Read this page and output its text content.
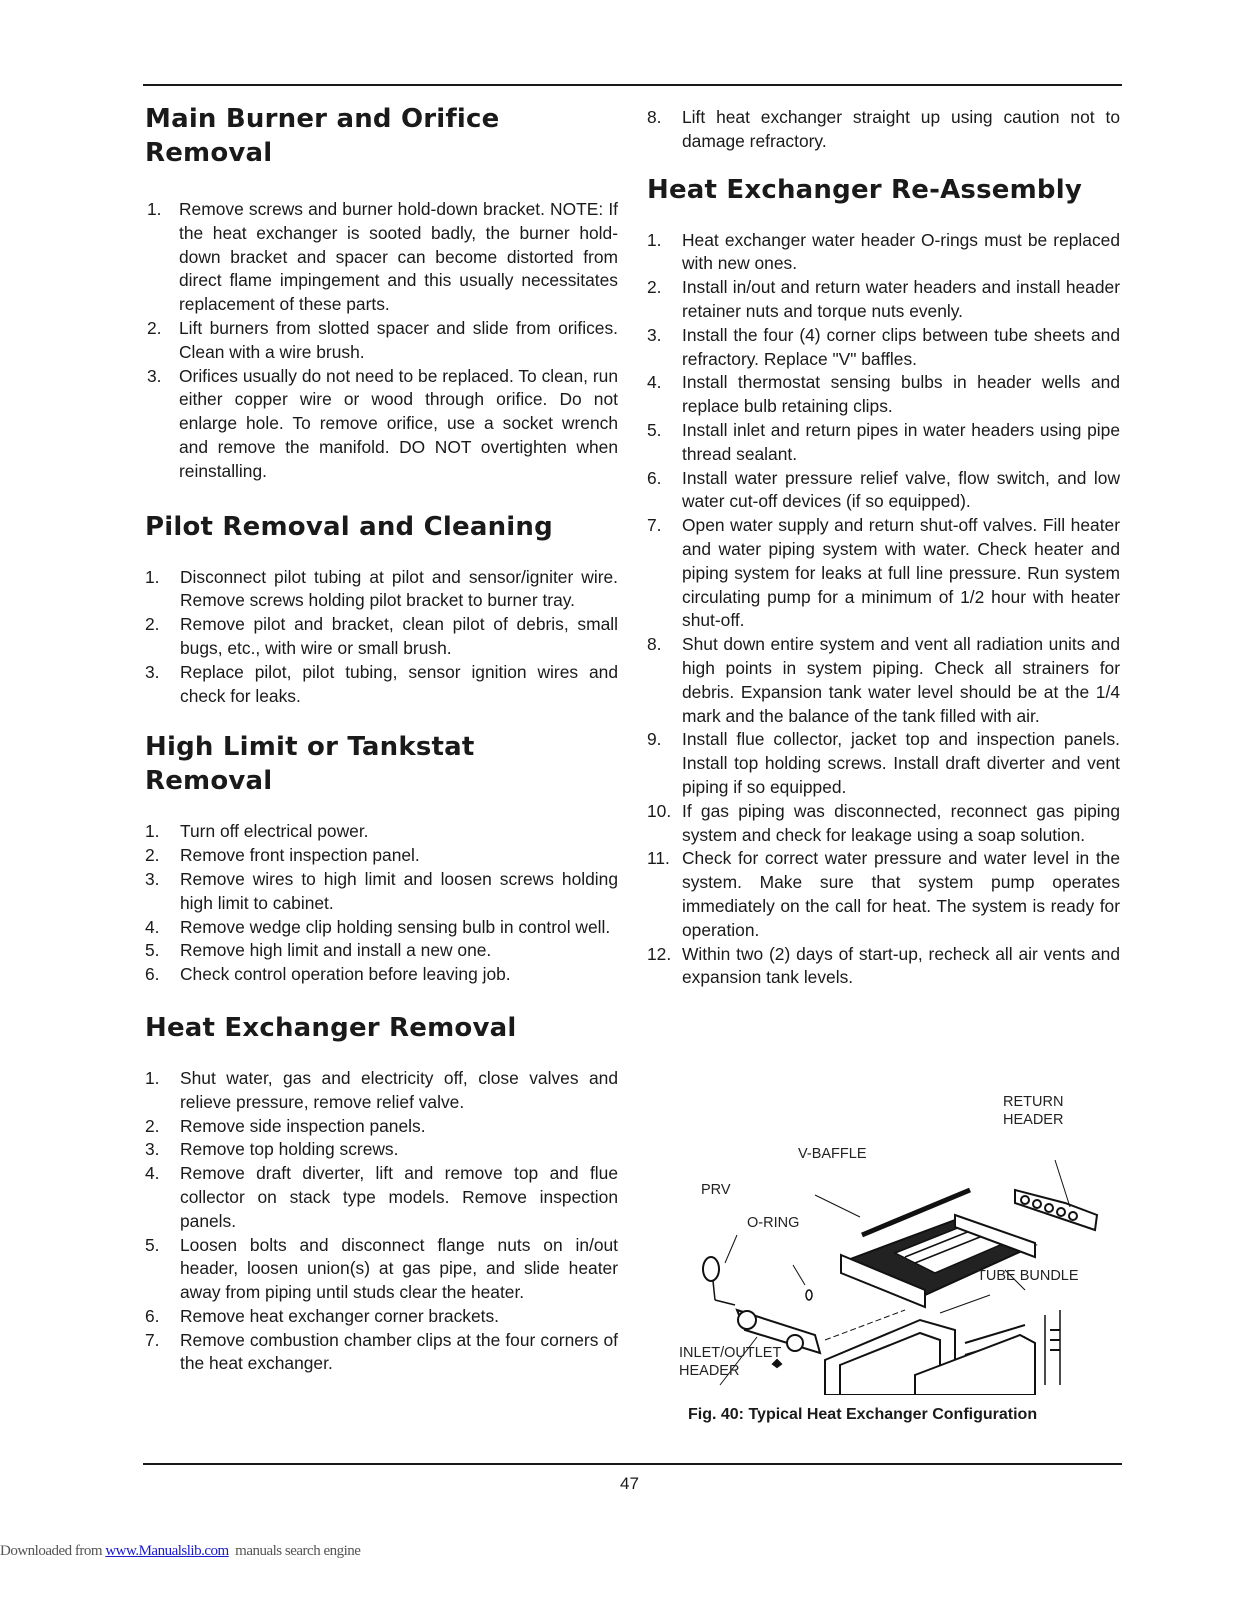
Main Burner and Orifice
Removal
1. Remove screws and burner hold-down bracket. NOTE: If the heat exchanger is sooted badly, the burner hold-down bracket and spacer can become distorted from direct flame impingement and this usually necessitates replacement of these parts.
2. Lift burners from slotted spacer and slide from orifices. Clean with a wire brush.
3. Orifices usually do not need to be replaced. To clean, run either copper wire or wood through orifice. Do not enlarge hole. To remove orifice, use a socket wrench and remove the manifold. DO NOT overtighten when reinstalling.
Pilot Removal and Cleaning
1. Disconnect pilot tubing at pilot and sensor/igniter wire. Remove screws holding pilot bracket to burner tray.
2. Remove pilot and bracket, clean pilot of debris, small bugs, etc., with wire or small brush.
3. Replace pilot, pilot tubing, sensor ignition wires and check for leaks.
High Limit or Tankstat
Removal
1. Turn off electrical power.
2. Remove front inspection panel.
3. Remove wires to high limit and loosen screws holding high limit to cabinet.
4. Remove wedge clip holding sensing bulb in control well.
5. Remove high limit and install a new one.
6. Check control operation before leaving job.
Heat Exchanger Removal
1. Shut water, gas and electricity off, close valves and relieve pressure, remove relief valve.
2. Remove side inspection panels.
3. Remove top holding screws.
4. Remove draft diverter, lift and remove top and flue collector on stack type models. Remove inspection panels.
5. Loosen bolts and disconnect flange nuts on in/out header, loosen union(s) at gas pipe, and slide heater away from piping until studs clear the heater.
6. Remove heat exchanger corner brackets.
7. Remove combustion chamber clips at the four corners of the heat exchanger.
8. Lift heat exchanger straight up using caution not to damage refractory.
Heat Exchanger Re-Assembly
1. Heat exchanger water header O-rings must be replaced with new ones.
2. Install in/out and return water headers and install header retainer nuts and torque nuts evenly.
3. Install the four (4) corner clips between tube sheets and refractory. Replace "V" baffles.
4. Install thermostat sensing bulbs in header wells and replace bulb retaining clips.
5. Install inlet and return pipes in water headers using pipe thread sealant.
6. Install water pressure relief valve, flow switch, and low water cut-off devices (if so equipped).
7. Open water supply and return shut-off valves. Fill heater and water piping system with water. Check heater and piping system for leaks at full line pressure. Run system circulating pump for a minimum of 1/2 hour with heater shut-off.
8. Shut down entire system and vent all radiation units and high points in system piping. Check all strainers for debris. Expansion tank water level should be at the 1/4 mark and the balance of the tank filled with air.
9. Install flue collector, jacket top and inspection panels. Install top holding screws. Install draft diverter and vent piping if so equipped.
10. If gas piping was disconnected, reconnect gas piping system and check for leakage using a soap solution.
11. Check for correct water pressure and water level in the system. Make sure that system pump operates immediately on the call for heat. The system is ready for operation.
12. Within two (2) days of start-up, recheck all air vents and expansion tank levels.
RETURN
HEADER
V-BAFFLE
PRV
O-RING
TUBE BUNDLE
INLET/OUTLET
HEADER
Fig. 40: Typical Heat Exchanger Configuration
47
Downloaded from www.Manualslib.com  manuals search engine
